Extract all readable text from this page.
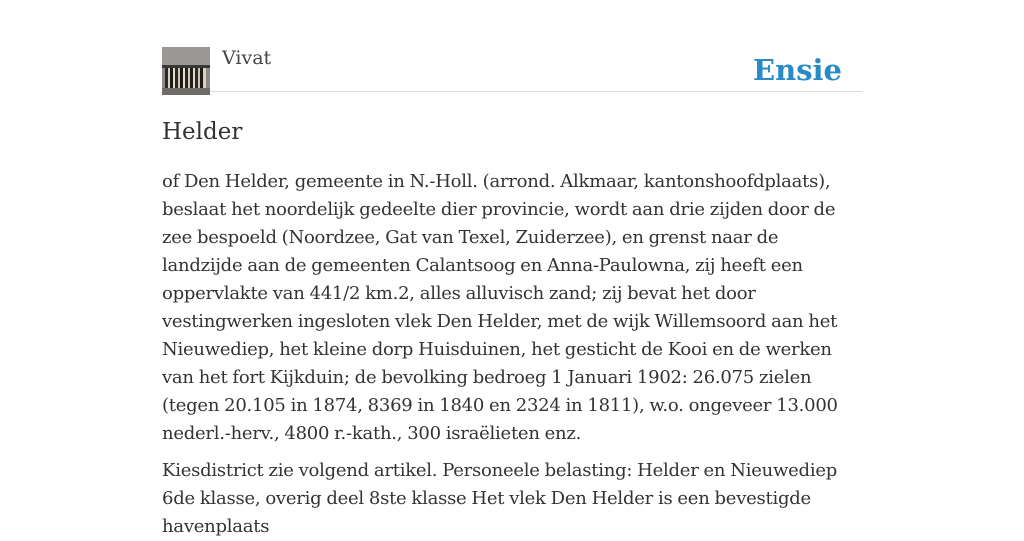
Vivat	Ensie
Helder

of Den Helder, gemeente in N.-Holl. (arrond. Alkmaar, kantonshoofdplaats), beslaat het noordelijk gedeelte dier provincie, wordt aan drie zijden door de zee bespoeld (Noordzee, Gat van Texel, Zuiderzee), en grenst naar de landzijde aan de gemeenten Calantsoog en Anna-Paulowna, zij heeft een oppervlakte van 441/2 km.2, alles alluvisch zand; zij bevat het door vestingwerken ingesloten vlek Den Helder, met de wijk Willemsoord aan het Nieuwediep, het kleine dorp Huisduinen, het gesticht de Kooi en de werken van het fort Kijkduin; de bevolking bedroeg 1 Januari 1902: 26.075 zielen (tegen 20.105 in 1874, 8369 in 1840 en 2324 in 1811), w.o. ongeveer 13.000 nederl.-herv., 4800 r.-kath., 300 israëlieten enz.

Kiesdistrict zie volgend artikel. Personeele belasting: Helder en Nieuwediep 6de klasse, overig deel 8ste klasse Het vlek Den Helder is een bevestigde havenplaats
